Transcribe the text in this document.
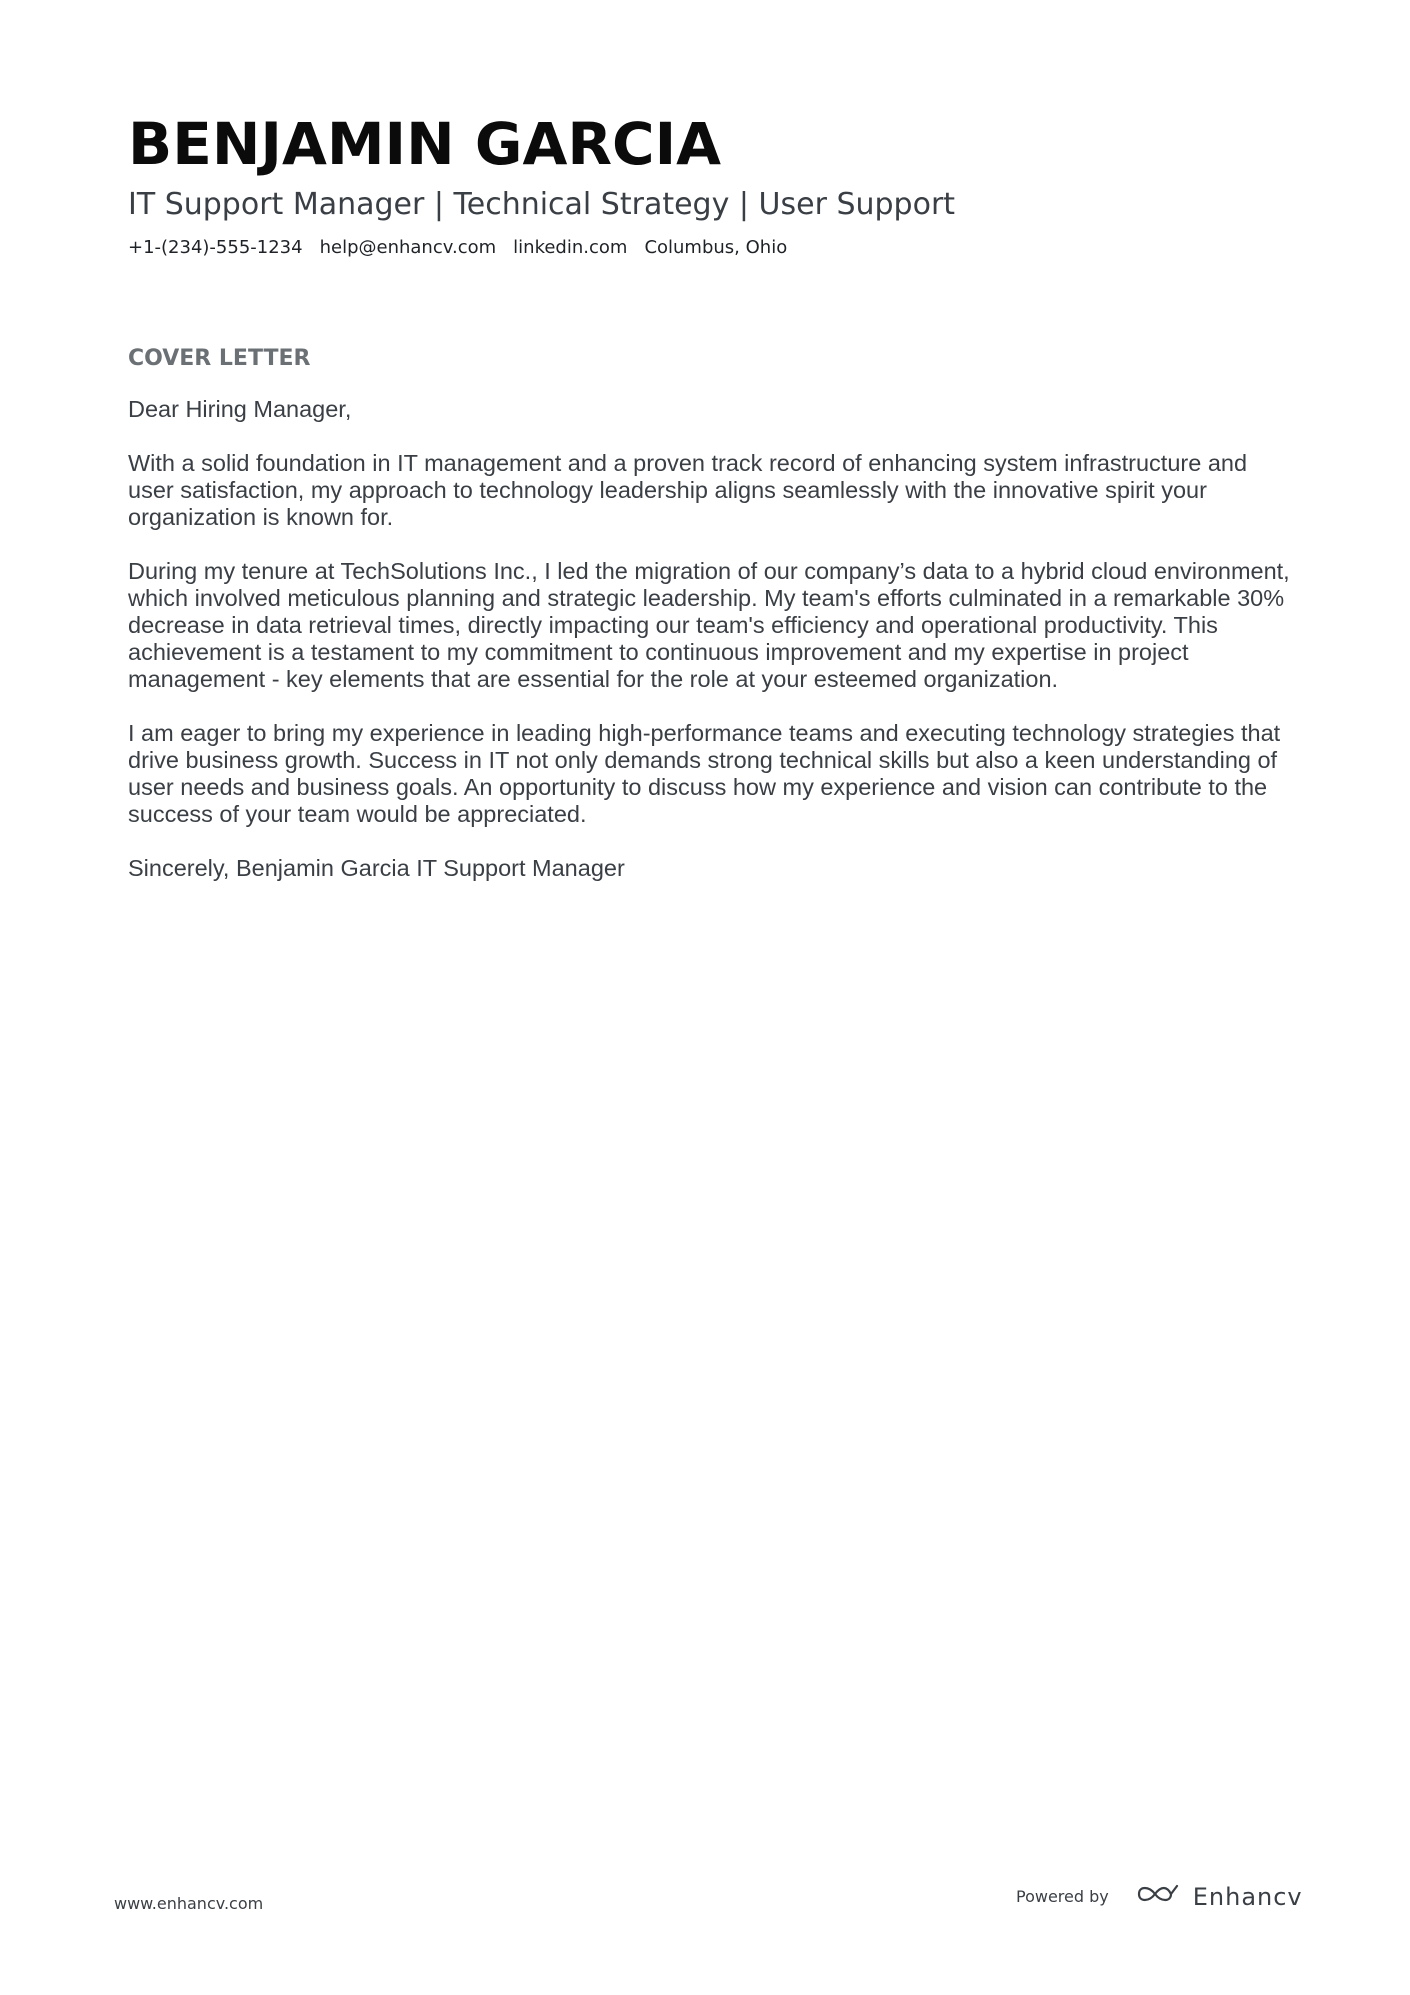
BENJAMIN GARCIA
IT Support Manager | Technical Strategy | User Support
+1-(234)-555-1234 help@enhancv.com linkedin.com Columbus, Ohio
COVER LETTER

Dear Hiring Manager,

With a solid foundation in IT management and a proven track record of enhancing system infrastructure and user satisfaction, my approach to technology leadership aligns seamlessly with the innovative spirit your organization is known for.

During my tenure at TechSolutions Inc., I led the migration of our company’s data to a hybrid cloud environment, which involved meticulous planning and strategic leadership. My team's efforts culminated in a remarkable 30% decrease in data retrieval times, directly impacting our team's efficiency and operational productivity. This achievement is a testament to my commitment to continuous improvement and my expertise in project management - key elements that are essential for the role at your esteemed organization.

I am eager to bring my experience in leading high-performance teams and executing technology strategies that drive business growth. Success in IT not only demands strong technical skills but also a keen understanding of user needs and business goals. An opportunity to discuss how my experience and vision can contribute to the success of your team would be appreciated.

Sincerely, Benjamin Garcia IT Support Manager

www.enhancv.com	Powered by	Enhancv
